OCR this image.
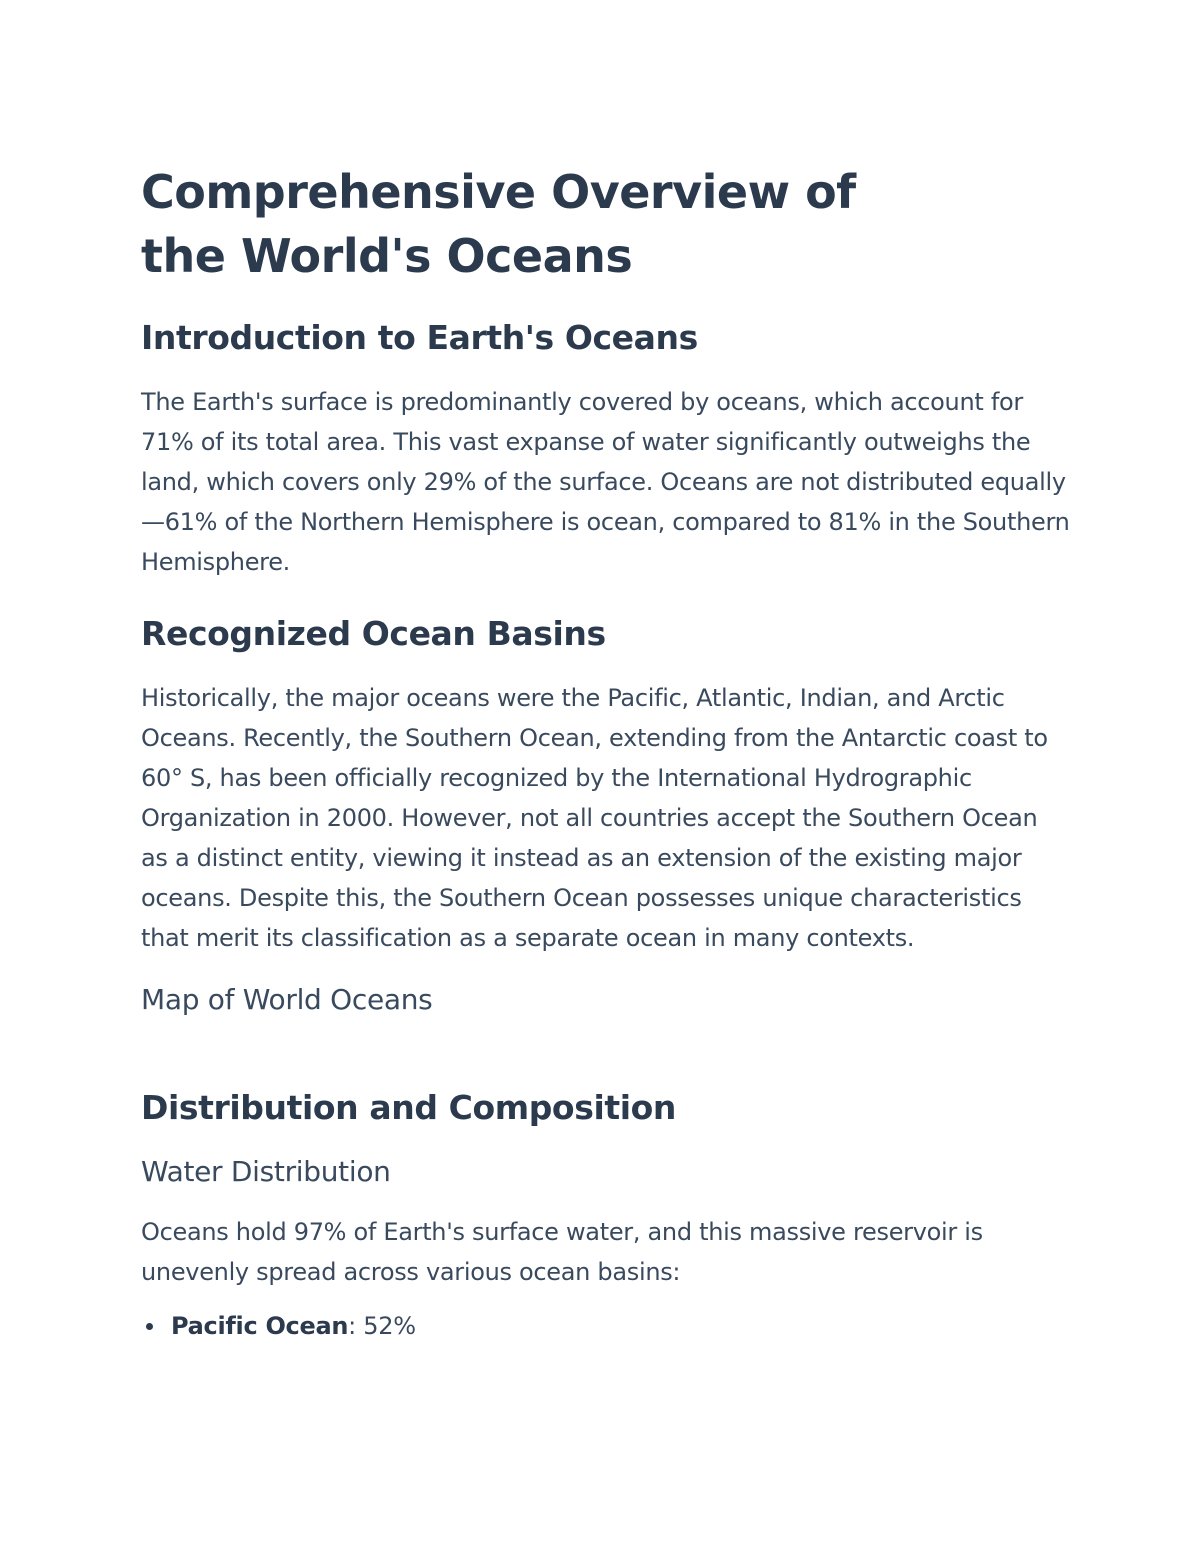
Comprehensive Overview of the World's Oceans
Introduction to Earth's Oceans

The Earth's surface is predominantly covered by oceans, which account for 71% of its total area. This vast expanse of water significantly outweighs the land, which covers only 29% of the surface. Oceans are not distributed equally—61% of the Northern Hemisphere is ocean, compared to 81% in the Southern Hemisphere.

Recognized Ocean Basins

Historically, the major oceans were the Pacific, Atlantic, Indian, and Arctic Oceans. Recently, the Southern Ocean, extending from the Antarctic coast to 60° S, has been officially recognized by the International Hydrographic Organization in 2000. However, not all countries accept the Southern Ocean as a distinct entity, viewing it instead as an extension of the existing major oceans. Despite this, the Southern Ocean possesses unique characteristics that merit its classification as a separate ocean in many contexts.

Map of World Oceans
Distribution and Composition
Water Distribution

Oceans hold 97% of Earth's surface water, and this massive reservoir is unevenly spread across various ocean basins:

Pacific Ocean: 52%
